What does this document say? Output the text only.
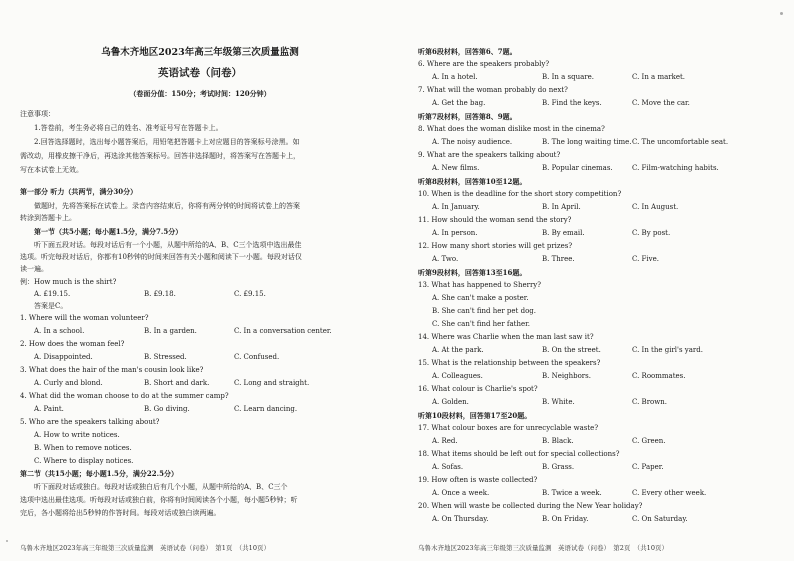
乌鲁木齐地区2023年高三年级第三次质量监测
英语试卷（问卷）
（卷面分值：150分；考试时间：120分钟）
注意事项：
1.答卷前，考生务必将自己的姓名、准考证号写在答题卡上。
2.回答选择题时，选出每小题答案后，用铅笔把答题卡上对应题目的答案标号涂黑。如
需改动，用橡皮擦干净后，再选涂其他答案标号。回答非选择题时，将答案写在答题卡上，
写在本试卷上无效。
第一部分 听力（共两节，满分30分）
做题时，先将答案标在试卷上。录音内容结束后，你将有两分钟的时间将试卷上的答案
转涂到答题卡上。
第一节（共5小题；每小题1.5分，满分7.5分）
听下面五段对话。每段对话后有一个小题，从题中所给的A、B、C三个选项中选出最佳
选项。听完每段对话后，你都有10秒钟的时间来回答有关小题和阅读下一小题。每段对话仅
读一遍。
例：How much is the shirt?
A. £19.15.	B. £9.18.	C. £9.15.
答案是C。
1. Where will the woman volunteer?
A. In a school.	B. In a garden.	C. In a conversation center.
2. How does the woman feel?
A. Disappointed.	B. Stressed.	C. Confused.
3. What does the hair of the man's cousin look like?
A. Curly and blond.	B. Short and dark.	C. Long and straight.
4. What did the woman choose to do at the summer camp?
A. Paint.	B. Go diving.	C. Learn dancing.
5. Who are the speakers talking about?
A. How to write notices.
B. When to remove notices.
C. Where to display notices.
第二节（共15小题；每小题1.5分，满分22.5分）
听下面段对话或独白。每段对话或独白后有几个小题，从题中所给的A、B、C三个
选项中选出最佳选项。听每段对话或独白前，你将有时间阅读各个小题，每小题5秒钟；听
完后，各小题将给出5秒钟的作答时间。每段对话或独白读两遍。
乌鲁木齐地区2023年高三年级第三次质量监测　英语试卷（问卷）　第1页　（共10页）
听第6段材料，回答第6、7题。
6. Where are the speakers probably?
A. In a hotel.	B. In a square.	C. In a market.
7. What will the woman probably do next?
A. Get the bag.	B. Find the keys.	C. Move the car.
听第7段材料，回答第8、9题。
8. What does the woman dislike most in the cinema?
A. The noisy audience.	B. The long waiting time. C. The uncomfortable seat.
9. What are the speakers talking about?
A. New films.	B. Popular cinemas.	C. Film-watching habits.
听第8段材料，回答第10至12题。
10. When is the deadline for the short story competition?
A. In January.	B. In April.	C. In August.
11. How should the woman send the story?
A. In person.	B. By email.	C. By post.
12. How many short stories will get prizes?
A. Two.	B. Three.	C. Five.
听第9段材料，回答第13至16题。
13. What has happened to Sherry?
A. She can't make a poster.
B. She can't find her pet dog.
C. She can't find her father.
14. Where was Charlie when the man last saw it?
A. At the park.	B. On the street.	C. In the girl's yard.
15. What is the relationship between the speakers?
A. Colleagues.	B. Neighbors.	C. Roommates.
16. What colour is Charlie's spot?
A. Golden.	B. White.	C. Brown.
听第10段材料，回答第17至20题。
17. What colour boxes are for unrecyclable waste?
A. Red.	B. Black.	C. Green.
18. What items should be left out for special collections?
A. Sofas.	B. Grass.	C. Paper.
19. How often is waste collected?
A. Once a week.	B. Twice a week.	C. Every other week.
20. When will waste be collected during the New Year holiday?
A. On Thursday.	B. On Friday.	C. On Saturday.
乌鲁木齐地区2023年高三年级第三次质量监测　英语试卷（问卷）　第2页　（共10页）
